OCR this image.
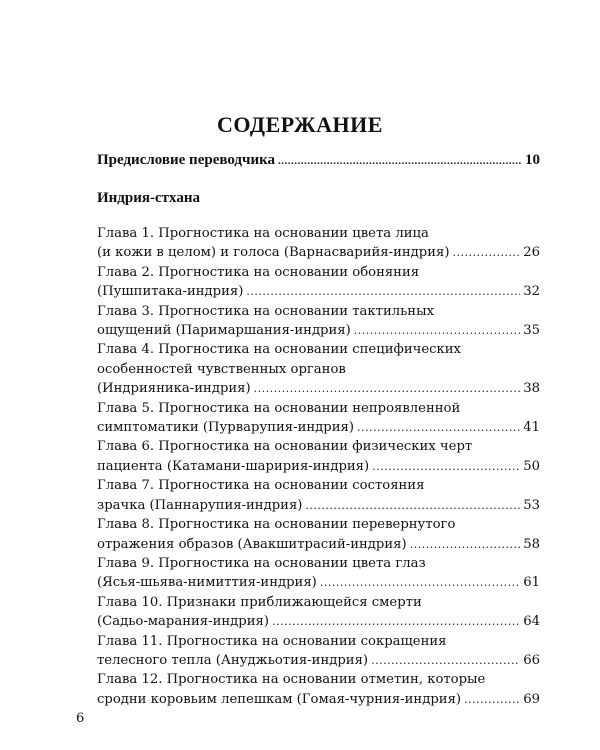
СОДЕРЖАНИЕ
Предисловие переводчика .....	10
Индрия-стхана
Глава 1. Прогностика на основании цвета лица
(и кожи в целом) и голоса (Варнасварийя-индрия) .....	26
Глава 2. Прогностика на основании обоняния
(Пушпитака-индрия) .....	32
Глава 3. Прогностика на основании тактильных
ощущений (Паримаршания-индрия) .....	35
Глава 4. Прогностика на основании специфических
особенностей чувственных органов
(Индрияника-индрия) .....	38
Глава 5. Прогностика на основании непроявленной
симптоматики (Пурварупия-индрия) .....	41
Глава 6. Прогностика на основании физических черт
пациента (Катамани-шаририя-индрия) .....	50
Глава 7. Прогностика на основании состояния
зрачка (Паннарупия-индрия) .....	53
Глава 8. Прогностика на основании перевернутого
отражения образов (Авакшитрасий-индрия) .....	58
Глава 9. Прогностика на основании цвета глаз
(Ясья-шьява-нимиттия-индрия) .....	61
Глава 10. Признаки приближающейся смерти
(Садьо-марания-индрия) .....	64
Глава 11. Прогностика на основании сокращения
телесного тепла (Ануджьотия-индрия) .....	66
Глава 12. Прогностика на основании отметин, которые
сродни коровьим лепешкам (Гомая-чурния-индрия) .....	69
6
